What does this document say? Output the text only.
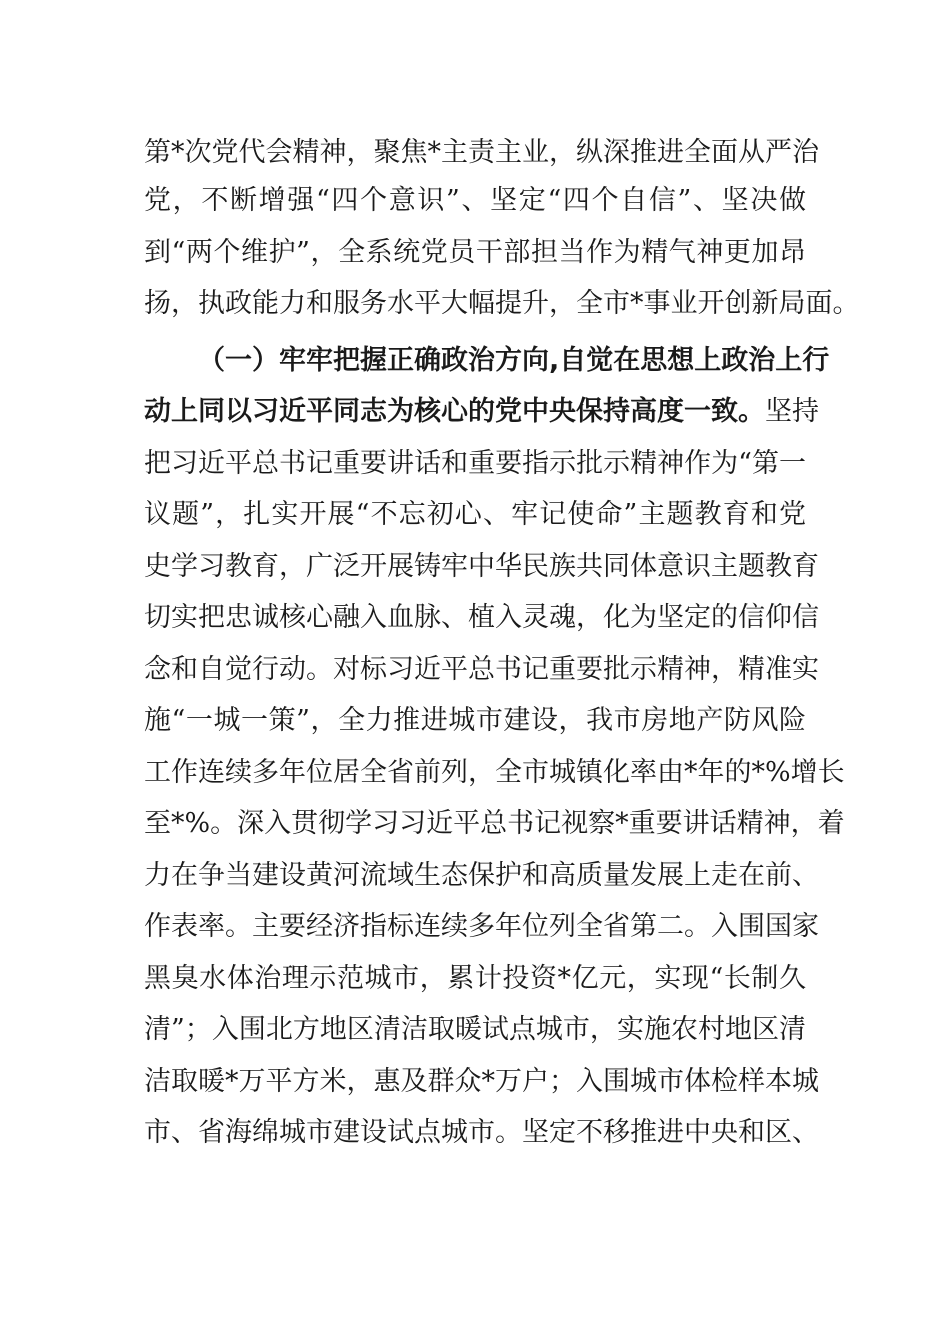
第*次党代会精神，聚焦*主责主业，纵深推进全面从严治
党，不断增强“四个意识”、坚定“四个自信”、坚决做
到“两个维护”，全系统党员干部担当作为精气神更加昂
扬，执政能力和服务水平大幅提升，全市*事业开创新局面。
（一）牢牢把握正确政治方向,自觉在思想上政治上行
动上同以习近平同志为核心的党中央保持高度一致。坚持
把习近平总书记重要讲话和重要指示批示精神作为“第一
议题”，扎实开展“不忘初心、牢记使命”主题教育和党
史学习教育，广泛开展铸牢中华民族共同体意识主题教育
切实把忠诚核心融入血脉、植入灵魂，化为坚定的信仰信
念和自觉行动。对标习近平总书记重要批示精神，精准实
施“一城一策”，全力推进城市建设，我市房地产防风险
工作连续多年位居全省前列，全市城镇化率由*年的*%增长
至*%。深入贯彻学习习近平总书记视察*重要讲话精神，着
力在争当建设黄河流域生态保护和高质量发展上走在前、
作表率。主要经济指标连续多年位列全省第二。入围国家
黑臭水体治理示范城市，累计投资*亿元，实现“长制久
清”；入围北方地区清洁取暖试点城市，实施农村地区清
洁取暖*万平方米，惠及群众*万户；入围城市体检样本城
市、省海绵城市建设试点城市。坚定不移推进中央和区、
